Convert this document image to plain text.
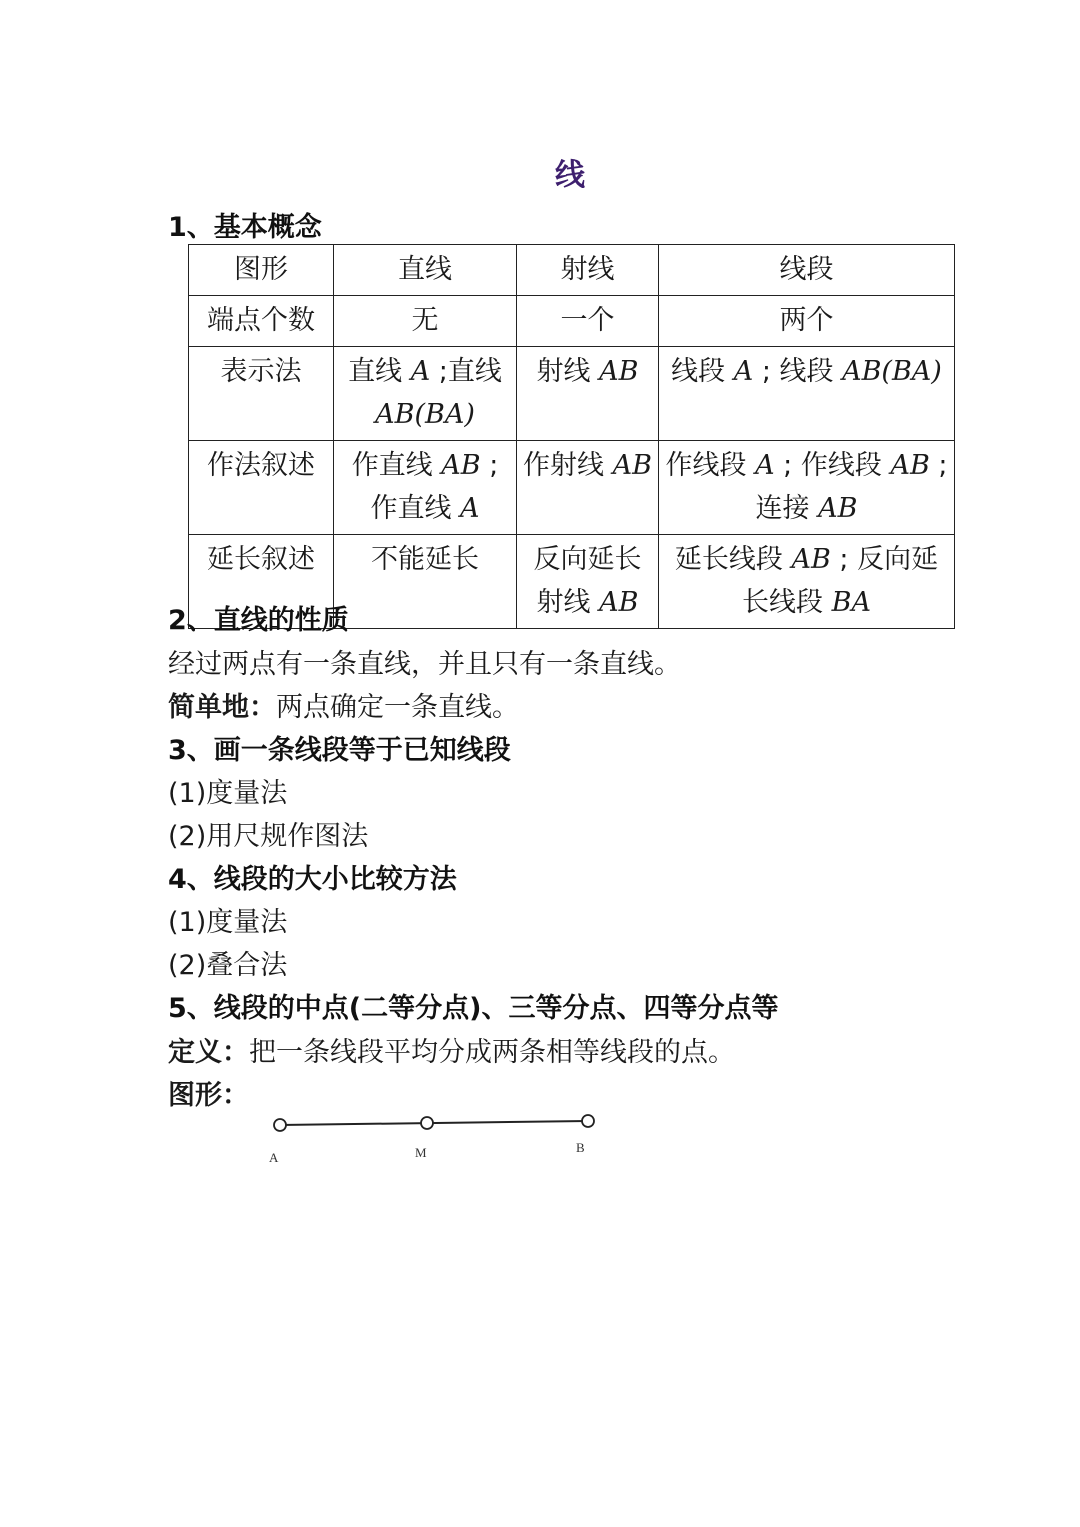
线
1、基本概念
图形	直线	射线	线段
端点个数	无	一个	两个
表示法	直线 A ;直线 AB(BA)	射线 AB	线段 A ; 线段 AB(BA)
作法叙述	作直线 AB ; 作直线 A	作射线 AB	作线段 A ; 作线段 AB ; 连接 AB
延长叙述	不能延长	反向延长射线 AB	延长线段 AB ; 反向延长线段 BA
2、直线的性质
经过两点有一条直线，并且只有一条直线。
简单地：两点确定一条直线。
3、画一条线段等于已知线段
(1)度量法
(2)用尺规作图法
4、线段的大小比较方法
(1)度量法
(2)叠合法
5、线段的中点(二等分点)、三等分点、四等分点等
定义：把一条线段平均分成两条相等线段的点。
图形：
A	M	B
